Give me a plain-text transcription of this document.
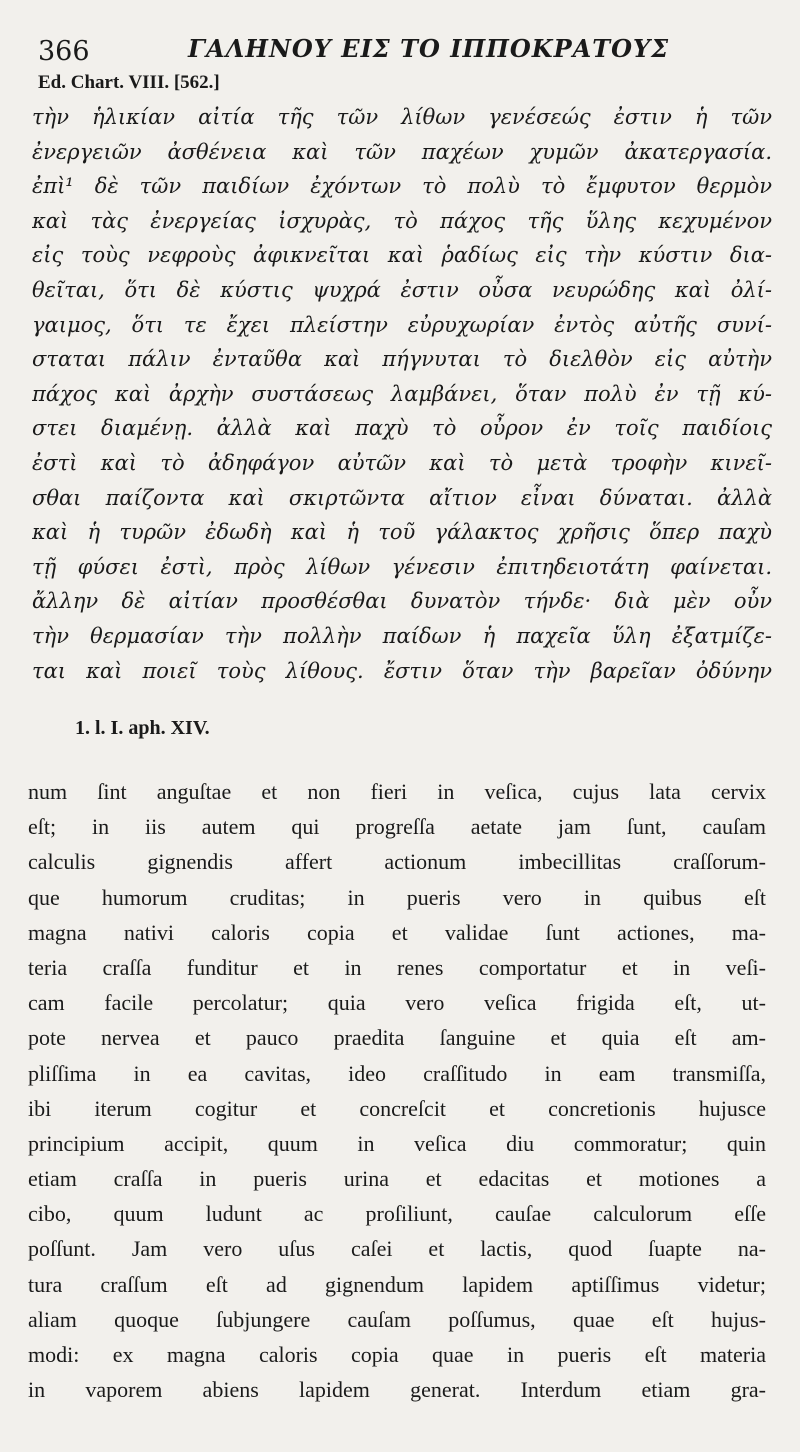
366	ΓΑΛΗΝΟΥ ΕΙΣ ΤΟ ΙΠΠΟΚΡΑΤΟΥΣ
Ed. Chart. VIII. [562.]
τὴν ἡλικίαν αἰτία τῆς τῶν λίθων γενέσεώς ἐστιν ἡ τῶν
ἐνεργειῶν ἀσθένεια καὶ τῶν παχέων χυμῶν ἀκατεργασία.
ἐπὶ¹ δὲ τῶν παιδίων ἐχόντων τὸ πολὺ τὸ ἔμφυτον θερμὸν
καὶ τὰς ἐνεργείας ἰσχυρὰς, τὸ πάχος τῆς ὕλης κεχυμένον
εἰς τοὺς νεφροὺς ἀφικνεῖται καὶ ῥαδίως εἰς τὴν κύστιν δια-
θεῖται, ὅτι δὲ κύστις ψυχρά ἐστιν οὖσα νευρώδης καὶ ὀλί-
γαιμος, ὅτι τε ἔχει πλείστην εὐρυχωρίαν ἐντὸς αὐτῆς συνί-
σταται πάλιν ἐνταῦθα καὶ πήγνυται τὸ διελθὸν εἰς αὐτὴν
πάχος καὶ ἀρχὴν συστάσεως λαμβάνει, ὅταν πολὺ ἐν τῇ κύ-
στει διαμένῃ. ἀλλὰ καὶ παχὺ τὸ οὖρον ἐν τοῖς παιδίοις
ἐστὶ καὶ τὸ ἀδηφάγον αὐτῶν καὶ τὸ μετὰ τροφὴν κινεῖ-
σθαι παίζοντα καὶ σκιρτῶντα αἴτιον εἶναι δύναται. ἀλλὰ
καὶ ἡ τυρῶν ἐδωδὴ καὶ ἡ τοῦ γάλακτος χρῆσις ὅπερ παχὺ
τῇ φύσει ἐστὶ, πρὸς λίθων γένεσιν ἐπιτηδειοτάτη φαίνεται.
ἄλλην δὲ αἰτίαν προσθέσθαι δυνατὸν τήνδε· διὰ μὲν οὖν
τὴν θερμασίαν τὴν πολλὴν παίδων ἡ παχεῖα ὕλη ἐξατμίζε-
ται καὶ ποιεῖ τοὺς λίθους. ἔστιν ὅταν τὴν βαρεῖαν ὀδύνην
1. l. I. aph. XIV.
num ſint anguſtae et non fieri in veſica, cujus lata cervix
eſt; in iis autem qui progreſſa aetate jam ſunt, cauſam
calculis gignendis affert actionum imbecillitas craſſorum-
que humorum cruditas; in pueris vero in quibus eſt
magna nativi caloris copia et validae ſunt actiones, ma-
teria craſſa funditur et in renes comportatur et in veſi-
cam facile percolatur; quia vero veſica frigida eſt, ut-
pote nervea et pauco praedita ſanguine et quia eſt am-
pliſſima in ea cavitas, ideo craſſitudo in eam transmiſſa,
ibi iterum cogitur et concreſcit et concretionis hujusce
principium accipit, quum in veſica diu commoratur; quin
etiam craſſa in pueris urina et edacitas et motiones a
cibo, quum ludunt ac proſiliunt, cauſae calculorum eſſe
poſſunt. Jam vero uſus caſei et lactis, quod ſuapte na-
tura craſſum eſt ad gignendum lapidem aptiſſimus videtur;
aliam quoque ſubjungere cauſam poſſumus, quae eſt hujus-
modi: ex magna caloris copia quae in pueris eſt materia
in vaporem abiens lapidem generat. Interdum etiam gra-
